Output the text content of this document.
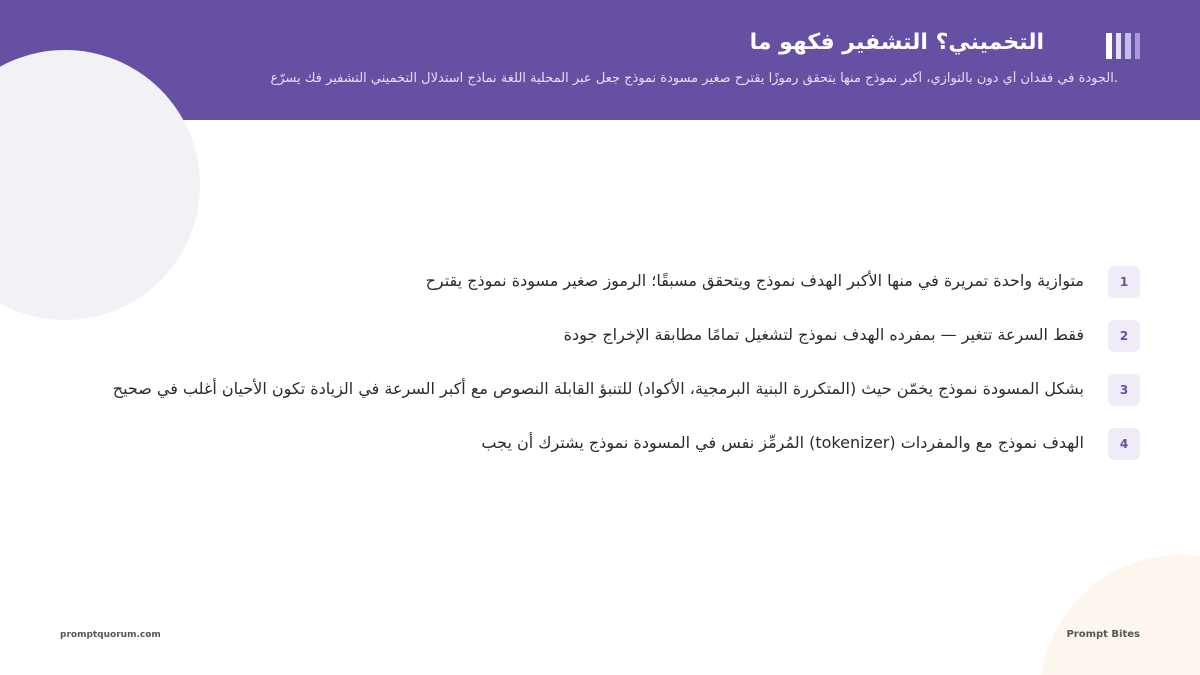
التخميني؟ التشفير فكهو ما
.الجودة في فقدان أي دون بالتوازي، أكبر نموذج منها يتحقق رموزًا يقترح صغير مسودة نموذج جعل عبر المحلية اللغة نماذج استدلال التخميني التشفير فك يسرّع
1
متوازية واحدة تمريرة في منها الأكبر الهدف نموذج ويتحقق مسبقًا؛ الرموز صغير مسودة نموذج يقترح
2
فقط السرعة تتغير — بمفرده الهدف نموذج لتشغيل تمامًا مطابقة الإخراج جودة
3
بشكل المسودة نموذج يخمّن حيث (المتكررة البنية البرمجية، الأكواد) للتنبؤ القابلة النصوص مع أكبر السرعة في الزيادة تكون الأحيان أغلب في صحيح
4
الهدف نموذج مع والمفردات (tokenizer) المُرمِّز نفس في المسودة نموذج يشترك أن يجب
promptquorum.com	Prompt Bites
